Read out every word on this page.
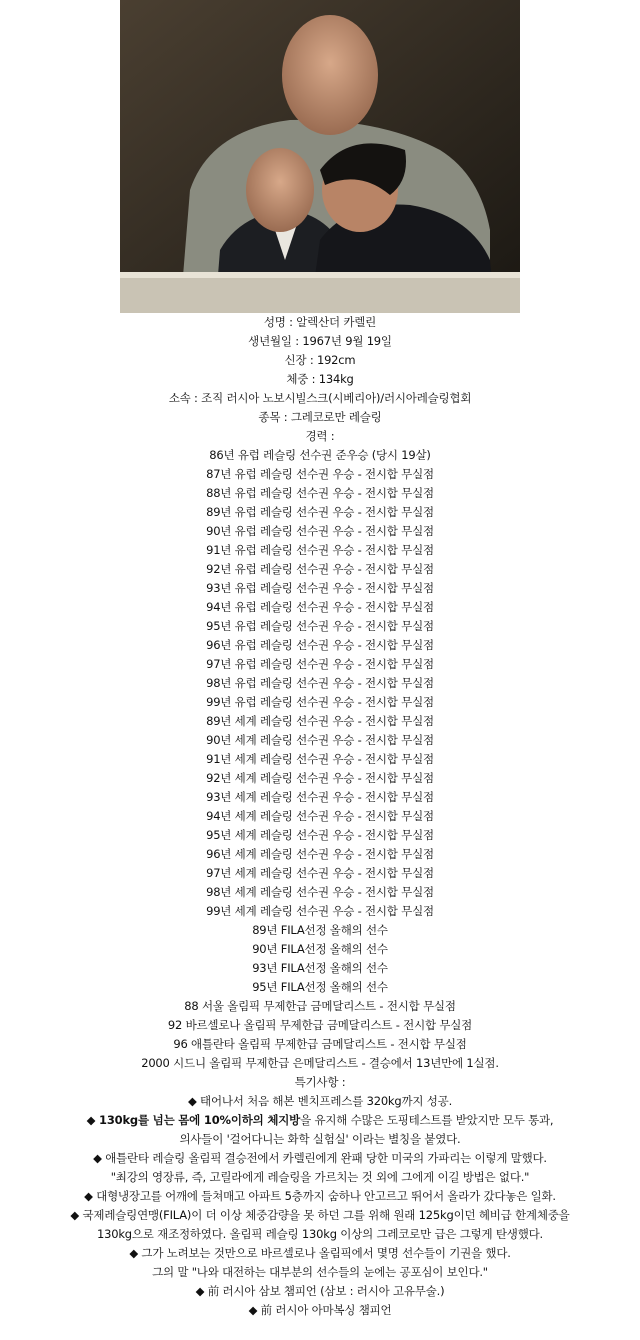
성명 : 알렉산더 카렐린
생년월일 : 1967년 9월 19일
신장 : 192cm
체중 : 134kg
소속 : 조직 러시아 노보시빌스크(시베리아)/러시아레슬링협회
종목 : 그레코로만 레슬링
경력 :
86년 유럽 레슬링 선수권 준우승 (당시 19살)
87년 유럽 레슬링 선수권 우승 - 전시합 무실점
88년 유럽 레슬링 선수권 우승 - 전시합 무실점
89년 유럽 레슬링 선수권 우승 - 전시합 무실점
90년 유럽 레슬링 선수권 우승 - 전시합 무실점
91년 유럽 레슬링 선수권 우승 - 전시합 무실점
92년 유럽 레슬링 선수권 우승 - 전시합 무실점
93년 유럽 레슬링 선수권 우승 - 전시합 무실점
94년 유럽 레슬링 선수권 우승 - 전시합 무실점
95년 유럽 레슬링 선수권 우승 - 전시합 무실점
96년 유럽 레슬링 선수권 우승 - 전시합 무실점
97년 유럽 레슬링 선수권 우승 - 전시합 무실점
98년 유럽 레슬링 선수권 우승 - 전시합 무실점
99년 유럽 레슬링 선수권 우승 - 전시합 무실점
89년 세계 레슬링 선수권 우승 - 전시합 무실점
90년 세계 레슬링 선수권 우승 - 전시합 무실점
91년 세계 레슬링 선수권 우승 - 전시합 무실점
92년 세계 레슬링 선수권 우승 - 전시합 무실점
93년 세계 레슬링 선수권 우승 - 전시합 무실점
94년 세계 레슬링 선수권 우승 - 전시합 무실점
95년 세계 레슬링 선수권 우승 - 전시합 무실점
96년 세계 레슬링 선수권 우승 - 전시합 무실점
97년 세계 레슬링 선수권 우승 - 전시합 무실점
98년 세계 레슬링 선수권 우승 - 전시합 무실점
99년 세계 레슬링 선수권 우승 - 전시합 무실점
89년 FILA선정 올해의 선수
90년 FILA선정 올해의 선수
93년 FILA선정 올해의 선수
95년 FILA선정 올해의 선수
88 서울 올림픽 무제한급 금메달리스트 - 전시합 무실점
92 바르셀로나 올림픽 무제한급 금메달리스트 - 전시합 무실점
96 애틀란타 올림픽 무제한급 금메달리스트 - 전시합 무실점
2000 시드니 올림픽 무제한급 은메달리스트 - 결승에서 13년만에 1실점.
특기사항 :
◆ 태어나서 처음 해본 벤치프레스를 320kg까지 성공.
◆ 130kg를 넘는 몸에 10%이하의 체지방을 유지해 수많은 도핑테스트를 받았지만 모두 통과,
의사들이 '걸어다니는 화학 실험실' 이라는 별칭을 붙였다.
◆ 애틀란타 레슬링 올림픽 결승전에서 카렐린에게 완패 당한 미국의 가파리는 이렇게 말했다.
"최강의 영장류, 즉, 고릴라에게 레슬링을 가르치는 것 외에 그에게 이길 방법은 없다."
◆ 대형냉장고를 어깨에 들쳐매고 아파트 5층까지 숨하나 안고르고 뛰어서 올라가 갔다놓은 일화.
◆ 국제레슬링연맹(FILA)이 더 이상 체중감량을 못 하던 그를 위해 원래 125kg이던 헤비급 한계체중을
130kg으로 재조정하였다. 올림픽 레슬링 130kg 이상의 그레코로만 급은 그렇게 탄생했다.
◆ 그가 노려보는 것만으로 바르셀로나 올림픽에서 몇명 선수들이 기권을 했다.
그의 말 "나와 대전하는 대부분의 선수들의 눈에는 공포심이 보인다."
◆ 前 러시아 삼보 챔피언 (삼보 : 러시아 고유무술.)
◆ 前 러시아 아마복싱 챔피언
